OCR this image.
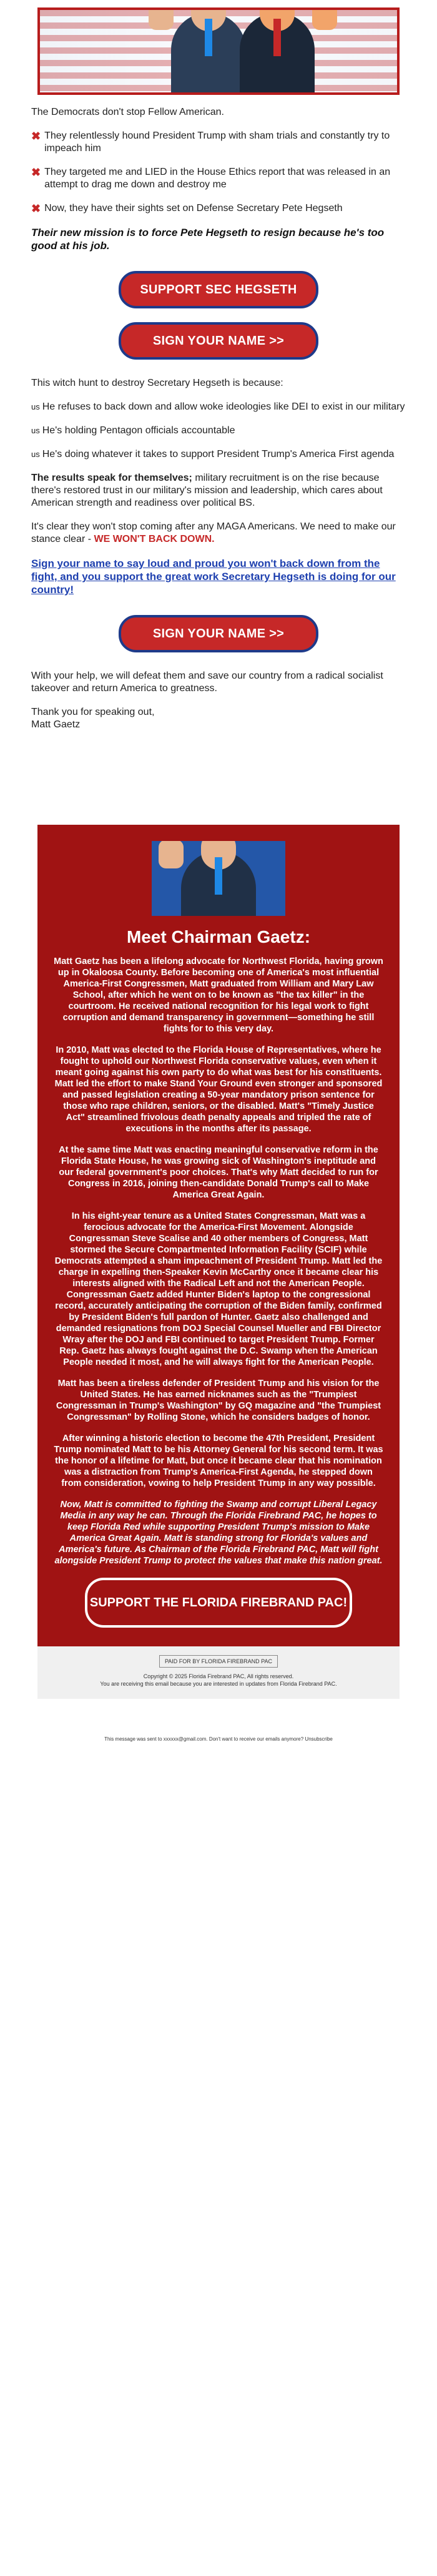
The Democrats don't stop Fellow American.

✖ They relentlessly hound President Trump with sham trials and constantly try to impeach him

✖ They targeted me and LIED in the House Ethics report that was released in an attempt to drag me down and destroy me

✖ Now, they have their sights set on Defense Secretary Pete Hegseth

Their new mission is to force Pete Hegseth to resign because he's too good at his job.

SUPPORT SEC HEGSETH
SIGN YOUR NAME >>

This witch hunt to destroy Secretary Hegseth is because:

us He refuses to back down and allow woke ideologies like DEI to exist in our military

us He's holding Pentagon officials accountable

us He's doing whatever it takes to support President Trump's America First agenda

The results speak for themselves; military recruitment is on the rise because there's restored trust in our military's mission and leadership, which cares about American strength and readiness over political BS.

It's clear they won't stop coming after any MAGA Americans. We need to make our stance clear - WE WON'T BACK DOWN.

Sign your name to say loud and proud you won't back down from the fight, and you support the great work Secretary Hegseth is doing for our country!
SIGN YOUR NAME >>

With your help, we will defeat them and save our country from a radical socialist takeover and return America to greatness.

Thank you for speaking out,

Matt Gaetz

Meet Chairman Gaetz:

Matt Gaetz has been a lifelong advocate for Northwest Florida, having grown up in Okaloosa County. Before becoming one of America's most influential America-First Congressmen, Matt graduated from William and Mary Law School, after which he went on to be known as "the tax killer" in the courtroom. He received national recognition for his legal work to fight corruption and demand transparency in government—something he still fights for to this very day.

In 2010, Matt was elected to the Florida House of Representatives, where he fought to uphold our Northwest Florida conservative values, even when it meant going against his own party to do what was best for his constituents. Matt led the effort to make Stand Your Ground even stronger and sponsored and passed legislation creating a 50-year mandatory prison sentence for those who rape children, seniors, or the disabled. Matt's "Timely Justice Act" streamlined frivolous death penalty appeals and tripled the rate of executions in the months after its passage.

At the same time Matt was enacting meaningful conservative reform in the Florida State House, he was growing sick of Washington's ineptitude and our federal government's poor choices. That's why Matt decided to run for Congress in 2016, joining then-candidate Donald Trump's call to Make America Great Again.

In his eight-year tenure as a United States Congressman, Matt was a ferocious advocate for the America-First Movement. Alongside Congressman Steve Scalise and 40 other members of Congress, Matt stormed the Secure Compartmented Information Facility (SCIF) while Democrats attempted a sham impeachment of President Trump. Matt led the charge in expelling then-Speaker Kevin McCarthy once it became clear his interests aligned with the Radical Left and not the American People. Congressman Gaetz added Hunter Biden's laptop to the congressional record, accurately anticipating the corruption of the Biden family, confirmed by President Biden's full pardon of Hunter. Gaetz also challenged and demanded resignations from DOJ Special Counsel Mueller and FBI Director Wray after the DOJ and FBI continued to target President Trump. Former Rep. Gaetz has always fought against the D.C. Swamp when the American People needed it most, and he will always fight for the American People.

Matt has been a tireless defender of President Trump and his vision for the United States. He has earned nicknames such as the "Trumpiest Congressman in Trump's Washington" by GQ magazine and "the Trumpiest Congressman" by Rolling Stone, which he considers badges of honor.

After winning a historic election to become the 47th President, President Trump nominated Matt to be his Attorney General for his second term. It was the honor of a lifetime for Matt, but once it became clear that his nomination was a distraction from Trump's America-First Agenda, he stepped down from consideration, vowing to help President Trump in any way possible.

Now, Matt is committed to fighting the Swamp and corrupt Liberal Legacy Media in any way he can. Through the Florida Firebrand PAC, he hopes to keep Florida Red while supporting President Trump's mission to Make America Great Again. Matt is standing strong for Florida's values and America's future. As Chairman of the Florida Firebrand PAC, Matt will fight alongside President Trump to protect the values that make this nation great.

SUPPORT THE FLORIDA FIREBRAND PAC!
PAID FOR BY FLORIDA FIREBRAND PAC
Copyright © 2025 Florida Firebrand PAC, All rights reserved.
You are receiving this email because you are interested in updates from Florida Firebrand PAC.
This message was sent to xxxxxx@gmail.com. Don't want to receive our emails anymore? Unsubscribe
